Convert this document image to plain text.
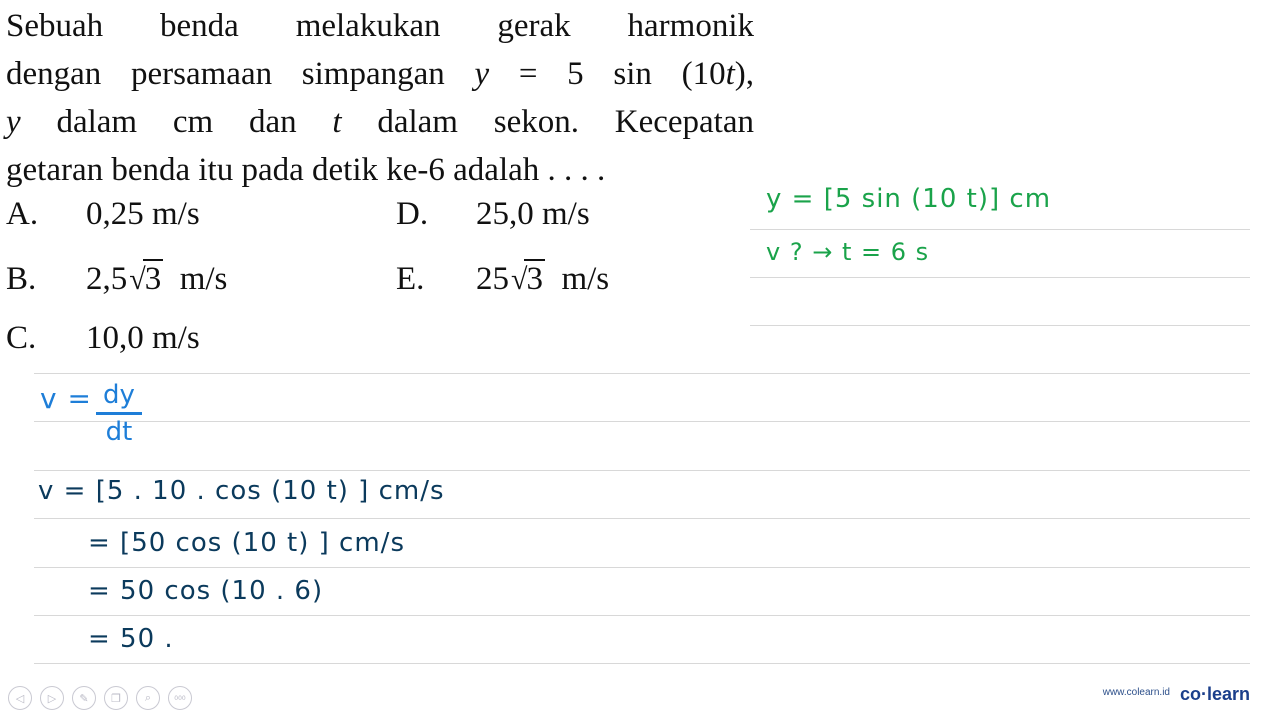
Sebuah benda melakukan gerak harmonik
dengan persamaan simpangan y = 5 sin (10t),
y dalam cm dan t dalam sekon. Kecepatan
getaran benda itu pada detik ke-6 adalah . . . .
A. 0,25 m/s	D. 25,0 m/s
B. 2,5√3 m/s	E. 25√3 m/s
C. 10,0 m/s
y = [5 sin (10 t)] cm
v ? → t = 6 s
v = dy
dt
v = [5 . 10 . cos (10 t) ] cm/s
= [50 cos (10 t) ] cm/s
= 50 cos (10 . 6)
= 50 .
◁	▷	✎	❐	⌕	000	www.colearn.id co·learn
